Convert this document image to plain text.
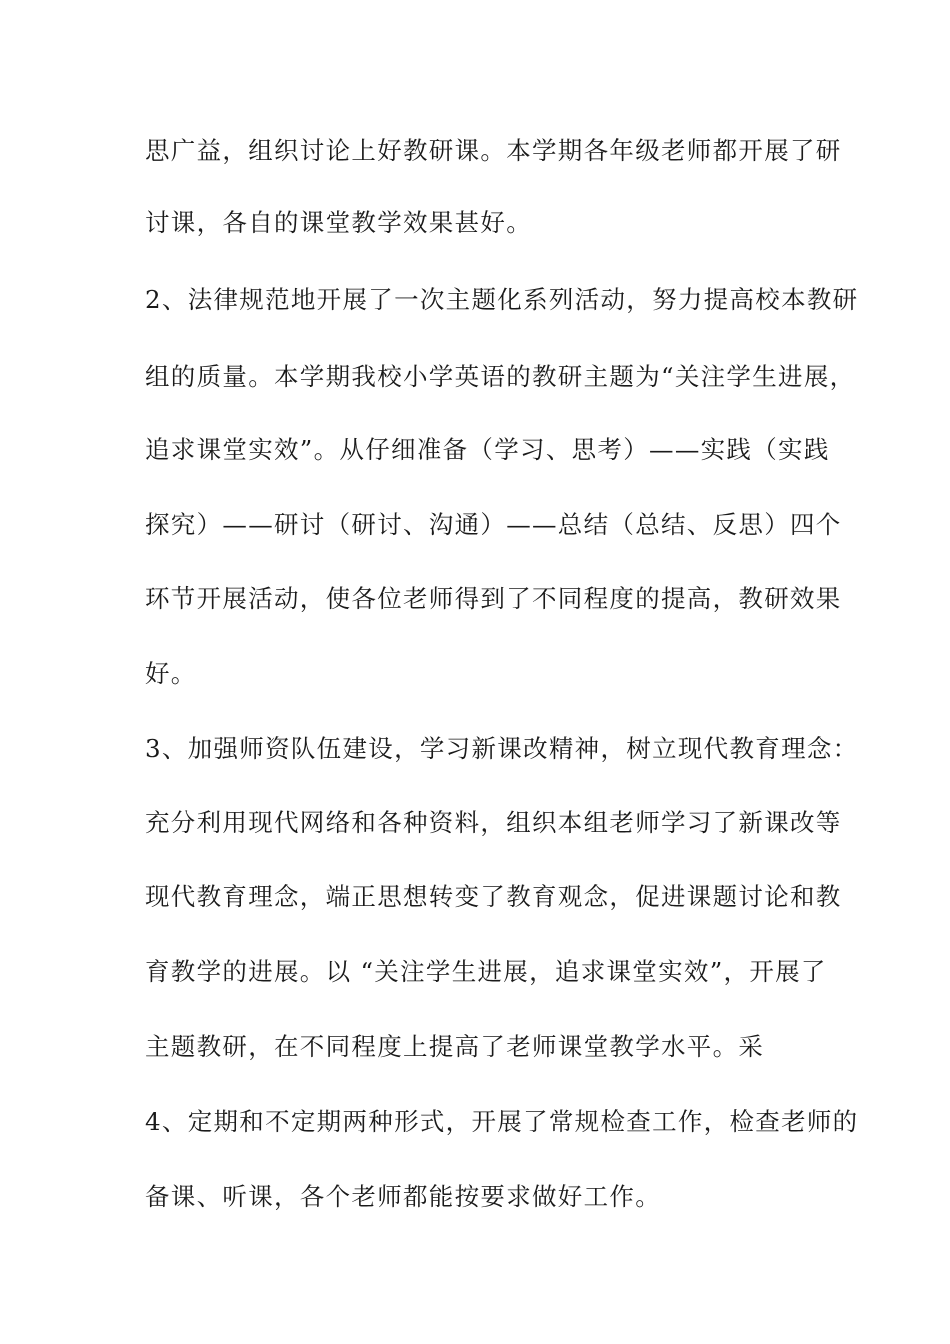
思广益，组织讨论上好教研课。本学期各年级老师都开展了研
讨课，各自的课堂教学效果甚好。
2、法律规范地开展了一次主题化系列活动，努力提高校本教研
组的质量。本学期我校小学英语的教研主题为“关注学生进展，
追求课堂实效”。从仔细准备（学习、思考）——实践（实践
探究）——研讨（研讨、沟通）——总结（总结、反思）四个
环节开展活动，使各位老师得到了不同程度的提高，教研效果
好。
3、加强师资队伍建设，学习新课改精神，树立现代教育理念：
充分利用现代网络和各种资料，组织本组老师学习了新课改等
现代教育理念，端正思想转变了教育观念，促进课题讨论和教
育教学的进展。以 “关注学生进展，追求课堂实效”，开展了
主题教研，在不同程度上提高了老师课堂教学水平。采
4、定期和不定期两种形式，开展了常规检查工作，检查老师的
备课、听课，各个老师都能按要求做好工作。
